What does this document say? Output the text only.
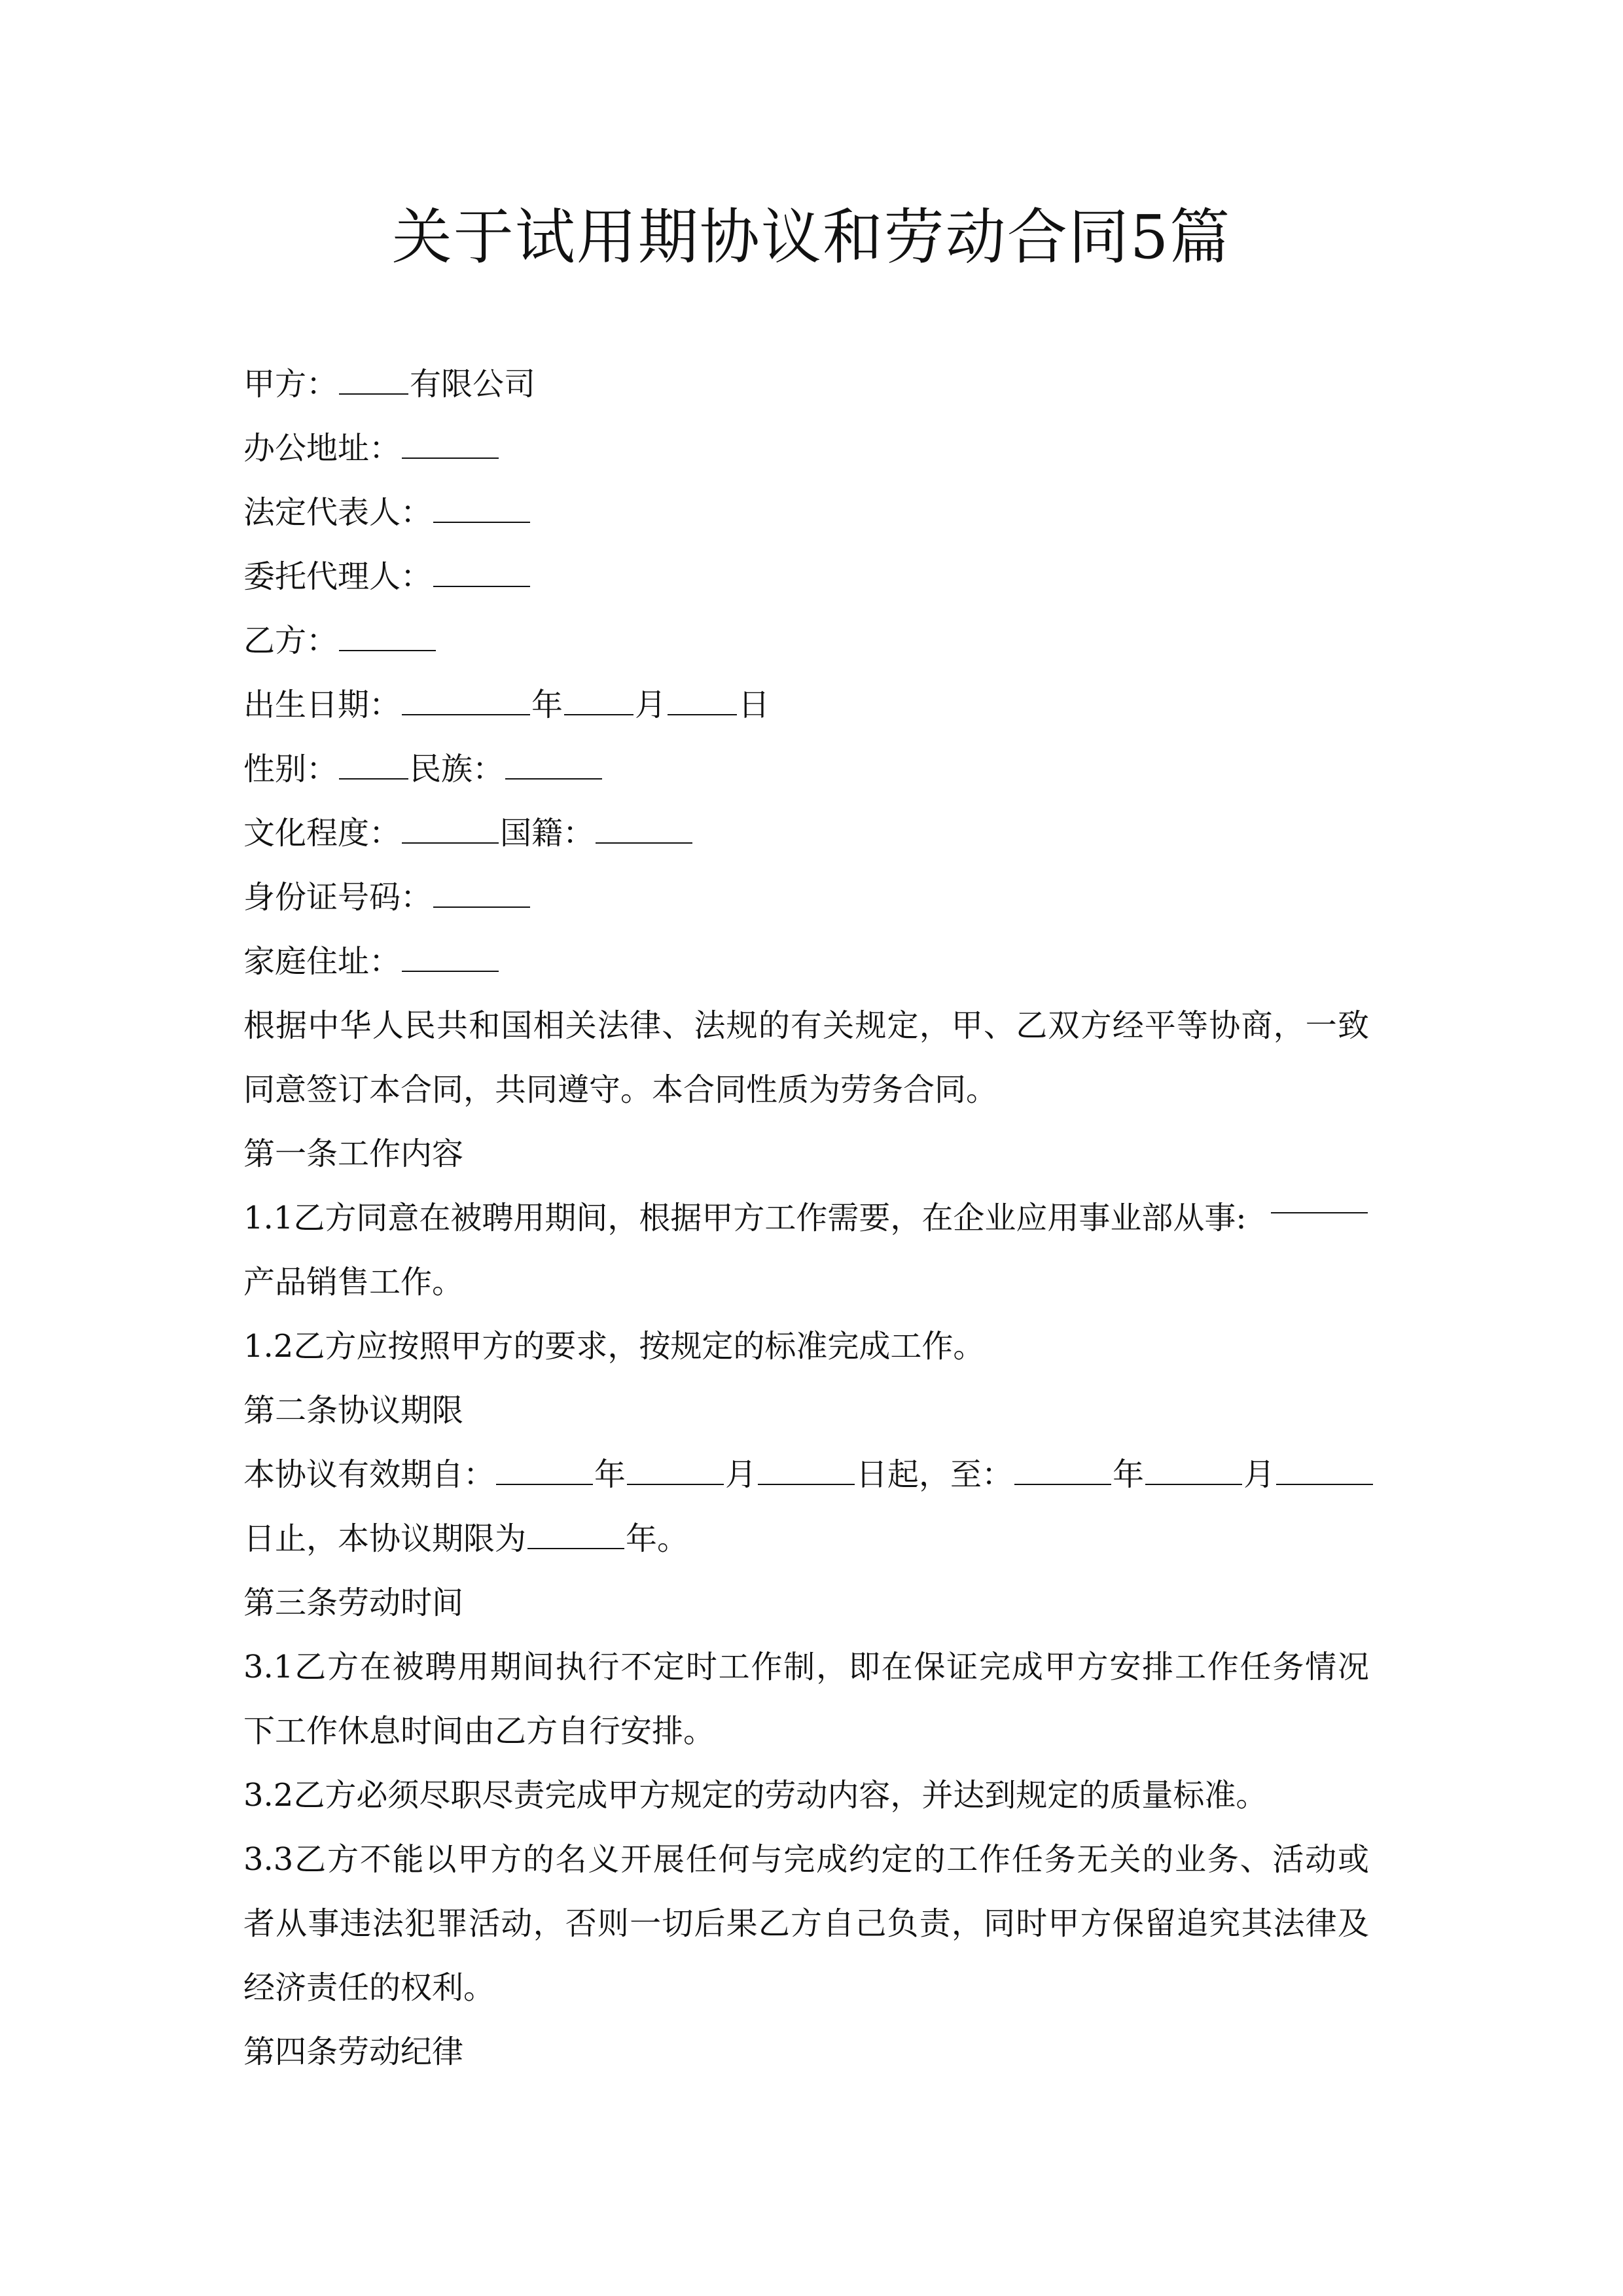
关于试用期协议和劳动合同5篇
甲方： 有限公司
办公地址：
法定代表人：
委托代理人：
乙方：
出生日期：	年 月 日
性别： 民族：
文化程度：	国籍：
身份证号码：
家庭住址：
根据中华人民共和国相关法律、法规的有关规定，甲、乙双方经平等协商，一致
同意签订本合同，共同遵守。本合同性质为劳务合同。
第一条工作内容
1.1乙方同意在被聘用期间，根据甲方工作需要，在企业应用事业部从事:
产品销售工作。
1.2乙方应按照甲方的要求，按规定的标准完成工作。
第二条协议期限
本协议有效期自：	年	月	日起，至：	年	月
日止，本协议期限为	年。
第三条劳动时间
3.1乙方在被聘用期间执行不定时工作制，即在保证完成甲方安排工作任务情况
下工作休息时间由乙方自行安排。
3.2乙方必须尽职尽责完成甲方规定的劳动内容，并达到规定的质量标准。
3.3乙方不能以甲方的名义开展任何与完成约定的工作任务无关的业务、活动或
者从事违法犯罪活动，否则一切后果乙方自己负责，同时甲方保留追究其法律及
经济责任的权利。
第四条劳动纪律
